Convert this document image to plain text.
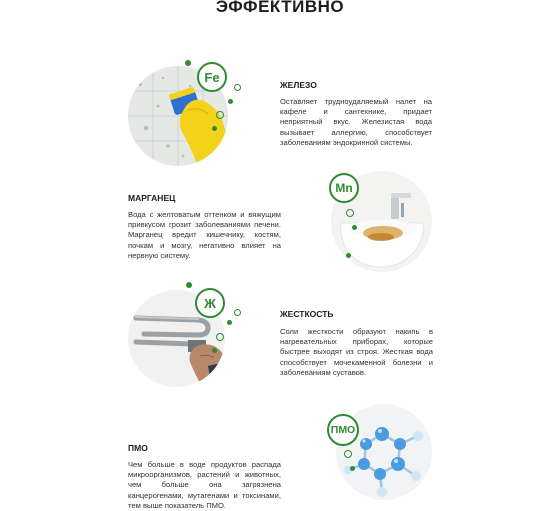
ЭФФЕКТИВНО
Fe
ЖЕЛЕЗО
Оставляет трудноудаляемый налет на кафеле и сантехнике, придает неприятный вкус. Железистая вода вызывает аллергию, способствует заболеваниям эндокринной системы.
МАРГАНЕЦ
Вода с желтоватым оттенком и вяжущим привкусом грозит заболеваниями печени. Марганец вредит кишечнику, костям, почкам и мозгу, негативно влияет на нервную систему.
Mn
Ж
ЖЕСТКОСТЬ
Соли жесткости образуют накипь в нагревательных приборах, которые быстрее выходят из строя. Жесткая вода способствует мочекаменной болезни и заболеваниям суставов.
ПМО
Чем больше в воде продуктов распада микроорганизмов, растений и животных, чем больше она загрязнена канцерогенами, мутагенами и токсинами, тем выше показатель ПМО.
ПМО
